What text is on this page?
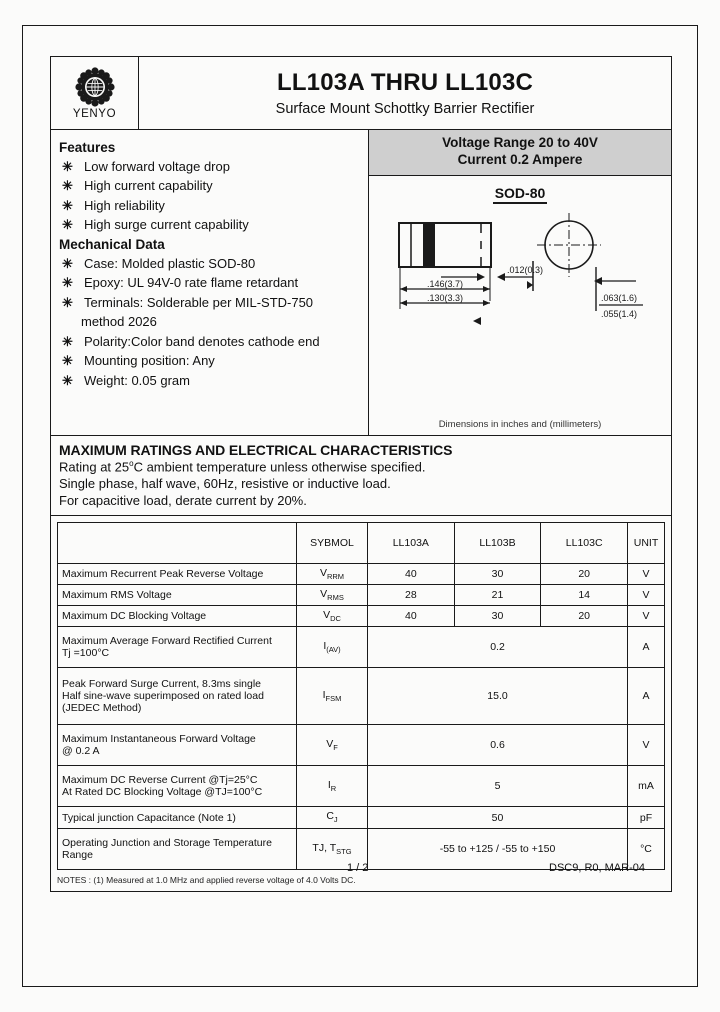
YENYO
LL103A THRU LL103C
Surface Mount Schottky Barrier Rectifier
Features
✳ Low forward voltage drop
✳ High current capability
✳ High reliability
✳ High surge current capability
Mechanical Data
✳ Case: Molded plastic SOD-80
✳ Epoxy: UL 94V-0 rate flame retardant
✳ Terminals: Solderable per MIL-STD-750
method 2026
✳ Polarity:Color band denotes cathode end
✳ Mounting position: Any
✳ Weight: 0.05 gram
Voltage Range 20 to 40V
Current 0.2 Ampere
SOD-80
.146(3.7)
.130(3.3)
.012(0.3)
.063(1.6)
.055(1.4)
Dimensions in inches and (millimeters)
MAXIMUM RATINGS AND ELECTRICAL CHARACTERISTICS
Rating at 25$^o$C ambient temperature unless otherwise specified.
Single phase, half wave, 60Hz, resistive or inductive load.
For capacitive load, derate current by 20%.
	SYBMOL	LL103A	LL103B	LL103C	UNIT
Maximum Recurrent Peak Reverse Voltage	$V_{RRM}$	40	30	20	V
Maximum RMS Voltage	$V_{RMS}$	28	21	14	V
Maximum DC Blocking Voltage	$V_{DC}$	40	30	20	V

Maximum Average Forward Rectified Current
Tj =100°C	$I_{(AV)}$	0.2			A

Peak Forward Surge Current, 8.3ms single
Half sine-wave superimposed on rated load
(JEDEC Method)	$I_{FSM}$	15.0			A

Maximum Instantaneous Forward Voltage
@ 0.2 A	$V_F$	0.6			V

Maximum DC Reverse Current @Tj=25°C
At Rated DC Blocking Voltage @TJ=100°C	$I_R$	5			mA
Typical junction Capacitance (Note 1)	$C_J$	50			pF

Operating Junction and Storage Temperature
Range	TJ, $T_{STG}$	-55 to +125 / -55 to +150			°C
NOTES : (1) Measured at 1.0 MHz and applied reverse voltage of 4.0 Volts DC.
1 / 2	DSC9, R0, MAR-04
